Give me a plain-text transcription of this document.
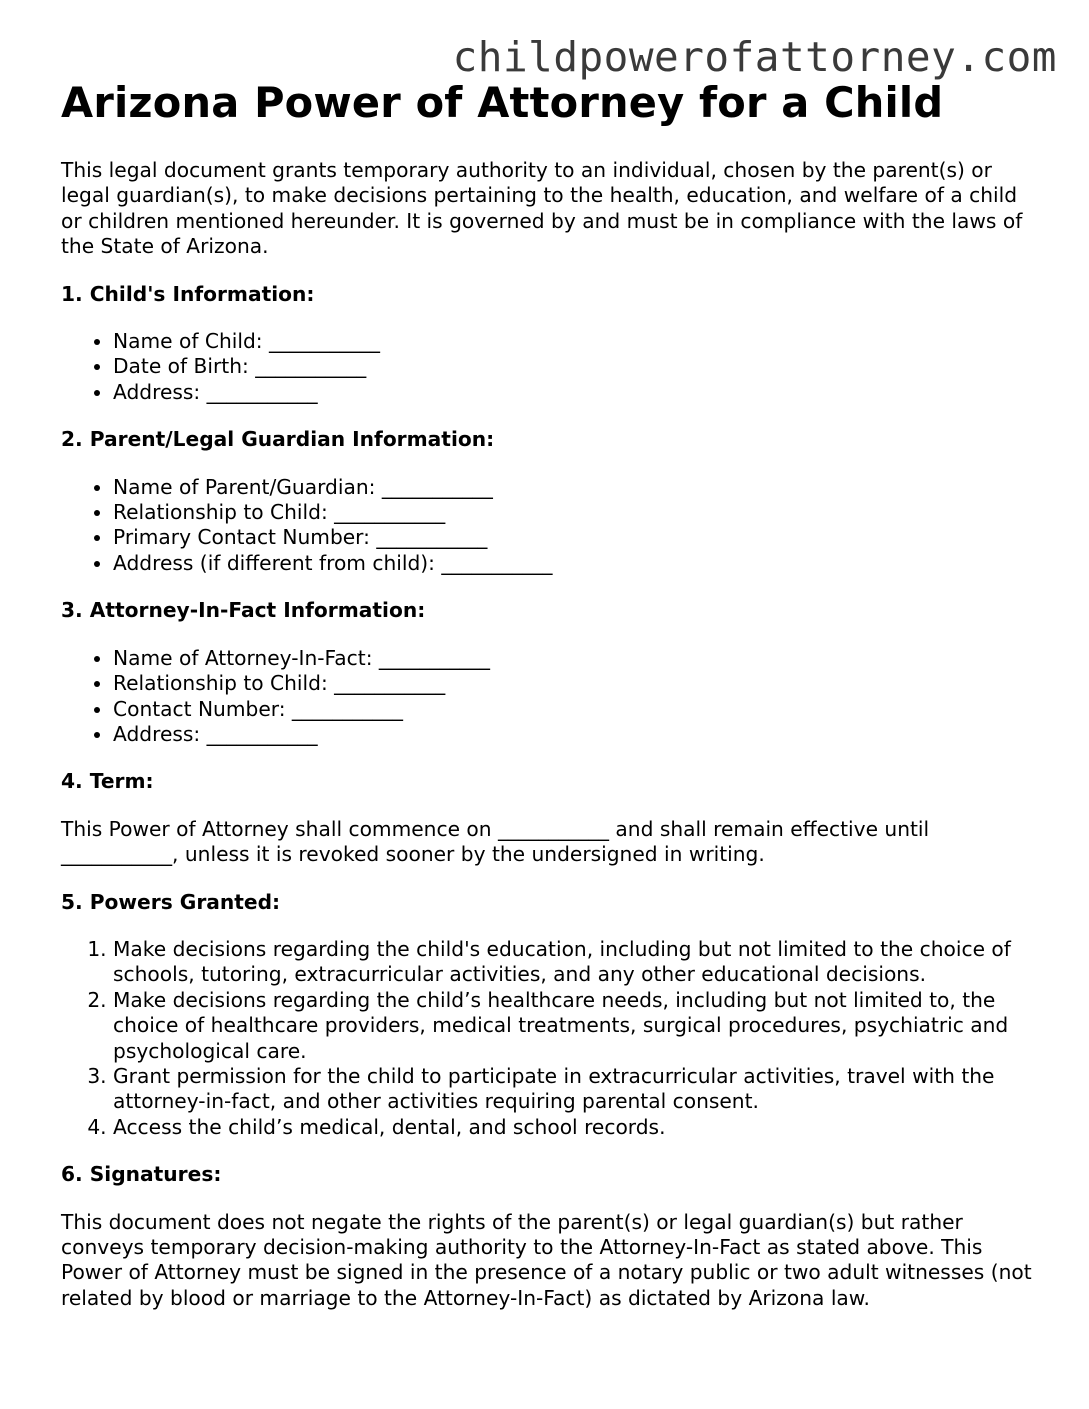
childpowerofattorney.com
Arizona Power of Attorney for a Child

This legal document grants temporary authority to an individual, chosen by the parent(s) or legal guardian(s), to make decisions pertaining to the health, education, and welfare of a child or children mentioned hereunder. It is governed by and must be in compliance with the laws of the State of Arizona.

1. Child's Information:
• Name of Child: ___________
• Date of Birth: ___________
• Address: ___________
2. Parent/Legal Guardian Information:
• Name of Parent/Guardian: ___________
• Relationship to Child: ___________
• Primary Contact Number: ___________
• Address (if different from child): ___________
3. Attorney-In-Fact Information:
• Name of Attorney-In-Fact: ___________
• Relationship to Child: ___________
• Contact Number: ___________
• Address: ___________
4. Term:

This Power of Attorney shall commence on ___________ and shall remain effective until ___________, unless it is revoked sooner by the undersigned in writing.

5. Powers Granted:
1. Make decisions regarding the child's education, including but not limited to the choice of schools, tutoring, extracurricular activities, and any other educational decisions.
2. Make decisions regarding the child’s healthcare needs, including but not limited to, the choice of healthcare providers, medical treatments, surgical procedures, psychiatric and psychological care.
3. Grant permission for the child to participate in extracurricular activities, travel with the attorney-in-fact, and other activities requiring parental consent.
4. Access the child’s medical, dental, and school records.
6. Signatures:

This document does not negate the rights of the parent(s) or legal guardian(s) but rather conveys temporary decision-making authority to the Attorney-In-Fact as stated above. This Power of Attorney must be signed in the presence of a notary public or two adult witnesses (not related by blood or marriage to the Attorney-In-Fact) as dictated by Arizona law.
